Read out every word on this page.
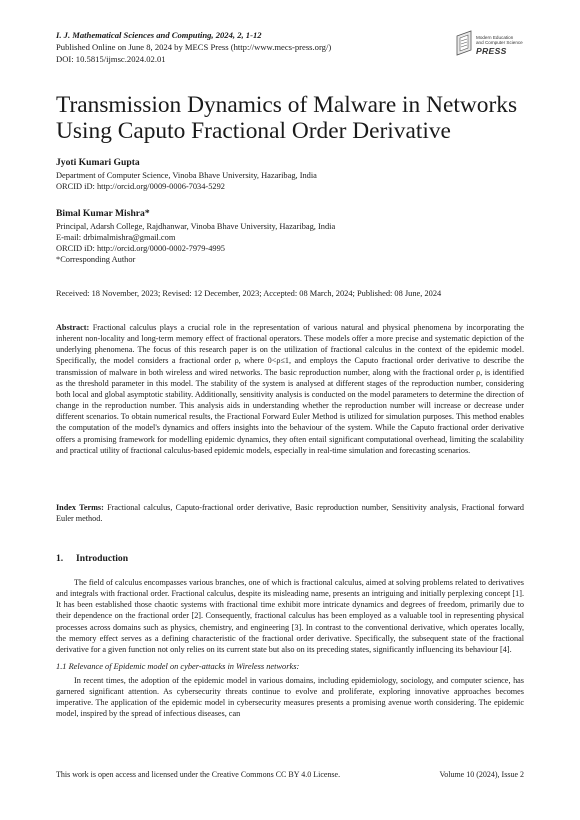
I. J. Mathematical Sciences and Computing, 2024, 2, 1-12
Published Online on June 8, 2024 by MECS Press (http://www.mecs-press.org/)
DOI: 10.5815/ijmsc.2024.02.01
Modern Education
and Computer Science
PRESS
Transmission Dynamics of Malware in Networks Using Caputo Fractional Order Derivative
Jyoti Kumari Gupta
Department of Computer Science, Vinoba Bhave University, Hazaribag, India
ORCID iD: http://orcid.org/0009-0006-7034-5292
Bimal Kumar Mishra*
Principal, Adarsh College, Rajdhanwar, Vinoba Bhave University, Hazaribag, India
E-mail: drbimalmishra@gmail.com
ORCID iD: http://orcid.org/0000-0002-7979-4995
*Corresponding Author
Received: 18 November, 2023; Revised: 12 December, 2023; Accepted: 08 March, 2024; Published: 08 June, 2024
Abstract: Fractional calculus plays a crucial role in the representation of various natural and physical phenomena by incorporating the inherent non-locality and long-term memory effect of fractional operators. These models offer a more precise and systematic depiction of the underlying phenomena. The focus of this research paper is on the utilization of fractional calculus in the context of the epidemic model. Specifically, the model considers a fractional order ρ, where 0<ρ≤1, and employs the Caputo fractional order derivative to describe the transmission of malware in both wireless and wired networks. The basic reproduction number, along with the fractional order ρ, is identified as the threshold parameter in this model. The stability of the system is analysed at different stages of the reproduction number, considering both local and global asymptotic stability. Additionally, sensitivity analysis is conducted on the model parameters to determine the direction of change in the reproduction number. This analysis aids in understanding whether the reproduction number will increase or decrease under different scenarios. To obtain numerical results, the Fractional Forward Euler Method is utilized for simulation purposes. This method enables the computation of the model's dynamics and offers insights into the behaviour of the system. While the Caputo fractional order derivative offers a promising framework for modelling epidemic dynamics, they often entail significant computational overhead, limiting the scalability and practical utility of fractional calculus-based epidemic models, especially in real-time simulation and forecasting scenarios.
Index Terms: Fractional calculus, Caputo-fractional order derivative, Basic reproduction number, Sensitivity analysis, Fractional forward Euler method.
1. Introduction
The field of calculus encompasses various branches, one of which is fractional calculus, aimed at solving problems related to derivatives and integrals with fractional order. Fractional calculus, despite its misleading name, presents an intriguing and initially perplexing concept [1]. It has been established those chaotic systems with fractional time exhibit more intricate dynamics and degrees of freedom, primarily due to their dependence on the fractional order [2]. Consequently, fractional calculus has been employed as a valuable tool in representing physical processes across domains such as physics, chemistry, and engineering [3]. In contrast to the conventional derivative, which operates locally, the memory effect serves as a defining characteristic of the fractional order derivative. Specifically, the subsequent state of the fractional derivative for a given function not only relies on its current state but also on its preceding states, significantly influencing its behaviour [4].
1.1 Relevance of Epidemic model on cyber-attacks in Wireless networks:
In recent times, the adoption of the epidemic model in various domains, including epidemiology, sociology, and computer science, has garnered significant attention. As cybersecurity threats continue to evolve and proliferate, exploring innovative approaches becomes imperative. The application of the epidemic model in cybersecurity measures presents a promising avenue worth considering. The epidemic model, inspired by the spread of infectious diseases, can
This work is open access and licensed under the Creative Commons CC BY 4.0 License.	Volume 10 (2024), Issue 2
